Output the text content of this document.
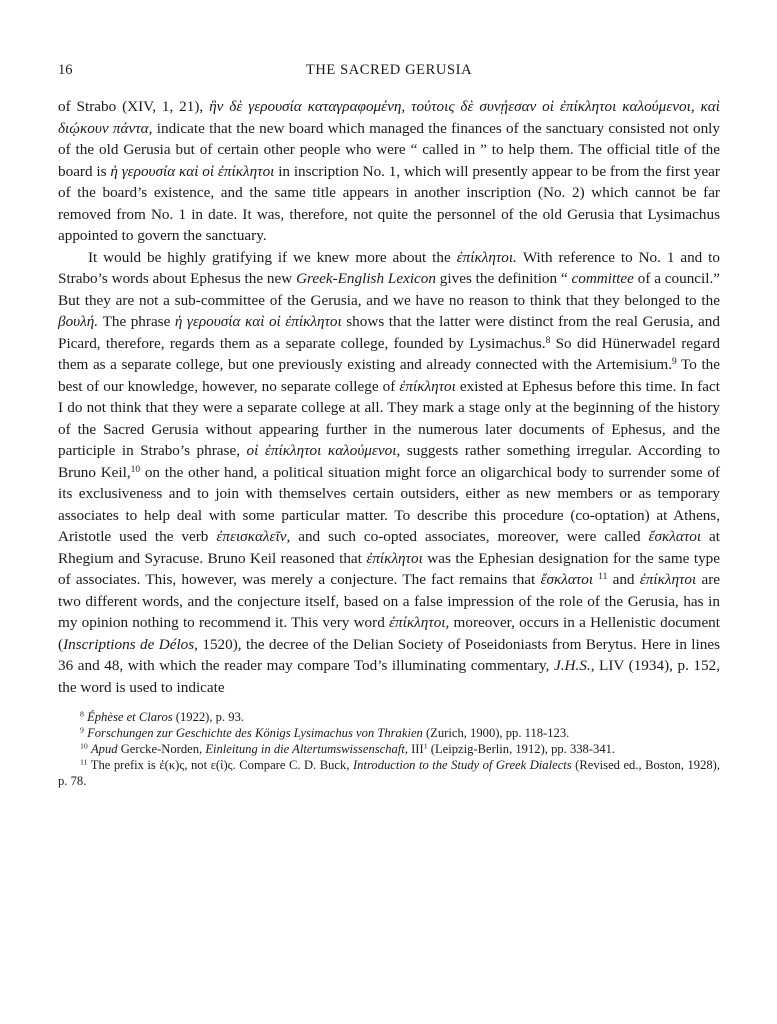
16	THE SACRED GERUSIA

of Strabo (XIV, 1, 21), ἣν δὲ γερουσία καταγραφομένη, τούτοις δὲ συνῄεσαν οἱ ἐπίκλητοι καλούμενοι, καὶ διῴκουν πάντα, indicate that the new board which managed the finances of the sanctuary consisted not only of the old Gerusia but of certain other people who were “ called in ” to help them. The official title of the board is ἡ γερουσία καὶ οἱ ἐπίκλητοι in inscription No. 1, which will presently appear to be from the first year of the board’s existence, and the same title appears in another inscription (No. 2) which cannot be far removed from No. 1 in date. It was, therefore, not quite the personnel of the old Gerusia that Lysimachus appointed to govern the sanctuary.

It would be highly gratifying if we knew more about the ἐπίκλητοι. With reference to No. 1 and to Strabo’s words about Ephesus the new Greek-English Lexicon gives the definition “ committee of a council.” But they are not a sub-committee of the Gerusia, and we have no reason to think that they belonged to the βουλή. The phrase ἡ γερουσία καὶ οἱ ἐπίκλητοι shows that the latter were distinct from the real Gerusia, and Picard, therefore, regards them as a separate college, founded by Lysimachus.$^8$ So did Hünerwadel regard them as a separate college, but one previously existing and already connected with the Artemisium.$^9$ To the best of our knowledge, however, no separate college of ἐπίκλητοι existed at Ephesus before this time. In fact I do not think that they were a separate college at all. They mark a stage only at the beginning of the history of the Sacred Gerusia without appearing further in the numerous later documents of Ephesus, and the participle in Strabo’s phrase, οἱ ἐπίκλητοι καλούμενοι, suggests rather something irregular. According to Bruno Keil,$^{10}$ on the other hand, a political situation might force an oligarchical body to surrender some of its exclusiveness and to join with themselves certain outsiders, either as new members or as temporary associates to help deal with some particular matter. To describe this procedure (co-optation) at Athens, Aristotle used the verb ἐπεισκαλεῖν, and such co-opted associates, moreover, were called ἔσκλατοι at Rhegium and Syracuse. Bruno Keil reasoned that ἐπίκλητοι was the Ephesian designation for the same type of associates. This, however, was merely a conjecture. The fact remains that ἔσκλατοι $^{11}$ and ἐπίκλητοι are two different words, and the conjecture itself, based on a false impression of the role of the Gerusia, has in my opinion nothing to recommend it. This very word ἐπίκλητοι, moreover, occurs in a Hellenistic document (Inscriptions de Délos, 1520), the decree of the Delian Society of Poseidoniasts from Berytus. Here in lines 36 and 48, with which the reader may compare Tod’s illuminating commentary, J.H.S., LIV (1934), p. 152, the word is used to indicate

$^8$ Éphèse et Claros (1922), p. 93.

$^9$ Forschungen zur Geschichte des Königs Lysimachus von Thrakien (Zurich, 1900), pp. 118-123.

$^{10}$ Apud Gercke-Norden, Einleitung in die Altertumswissenschaft, III$^1$ (Leipzig-Berlin, 1912), pp. 338-341.

$^{11}$ The prefix is ἐ(κ)ς, not ε(ἰ)ς. Compare C. D. Buck, Introduction to the Study of Greek Dialects (Revised ed., Boston, 1928), p. 78.
